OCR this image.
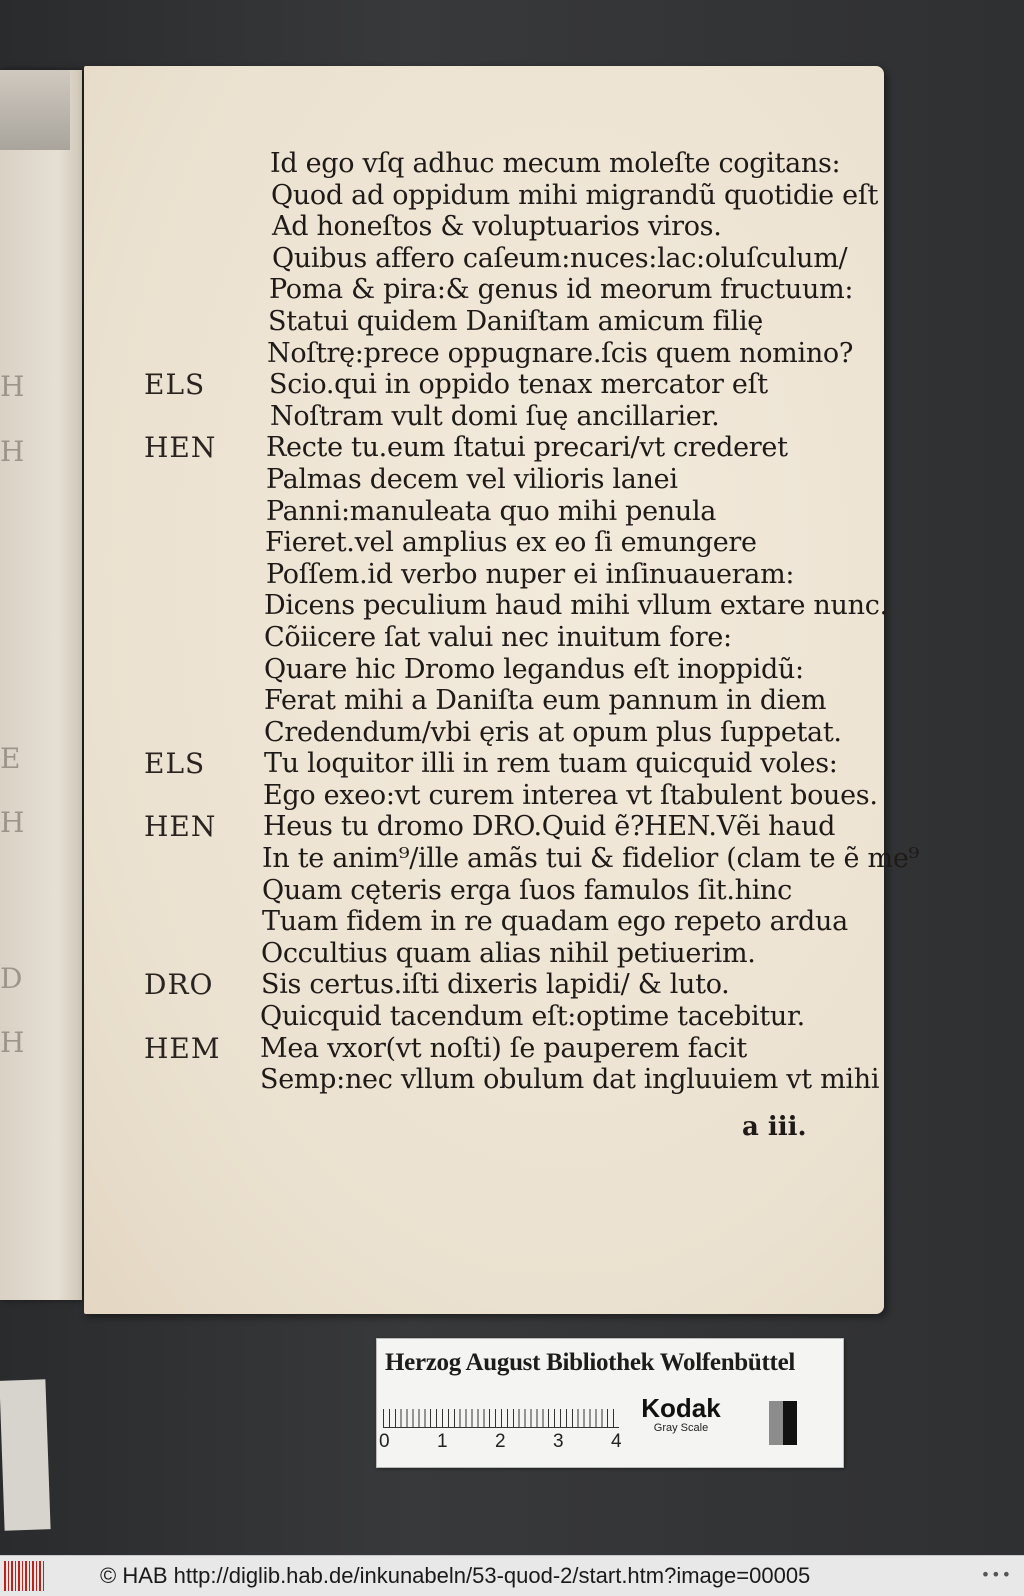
H
H
E
H
D
H
Id ego vſq adhuc mecum moleſte cogitans:
Quod ad oppidum mihi migrandũ quotidie eſt
Ad honeſtos & voluptuarios viros.
Quibus affero caſeum:nuces:lac:oluſculum/
Poma & pira:& genus id meorum fructuum:
Statui quidem Daniſtam amicum filię
Noſtrę:prece oppugnare.ſcis quem nomino?
ELS Scio.qui in oppido tenax mercator eſt
Noſtram vult domi ſuę ancillarier.
HEN Recte tu.eum ſtatui precari/vt crederet
Palmas decem vel vilioris lanei
Panni:manuleata quo mihi penula
Fieret.vel amplius ex eo ſi emungere
Poſſem.id verbo nuper ei inſinuaueram:
Dicens peculium haud mihi vllum extare nunc.
Cõiicere ſat valui nec inuitum fore:
Quare hic Dromo legandus eſt inoppidũ:
Ferat mihi a Daniſta eum pannum in diem
Credendum/vbi ęris at opum plus ſuppetat.
ELS Tu loquitor illi in rem tuam quicquid voles:
Ego exeo:vt curem interea vt ſtabulent boues.
HEN Heus tu dromo DRO.Quid ẽ?HEN.Vẽi haud
In te anim⁹/ille amãs tui & fidelior (clam te ẽ me⁹
Quam cęteris erga ſuos famulos ſit.hinc
Tuam fidem in re quadam ego repeto ardua
Occultius quam alias nihil petiuerim.
DRO Sis certus.iſti dixeris lapidi/ & luto.
Quicquid tacendum eſt:optime tacebitur.
HEM Mea vxor(vt noſti) ſe pauperem facit
Semp:nec vllum obulum dat ingluuiem vt mihi
a iii.
Herzog August Bibliothek Wolfenbüttel
0 1 2 3 4
Kodak
Gray Scale
© HAB http://diglib.hab.de/inkunabeln/53-quod-2/start.htm?image=00005	•••
